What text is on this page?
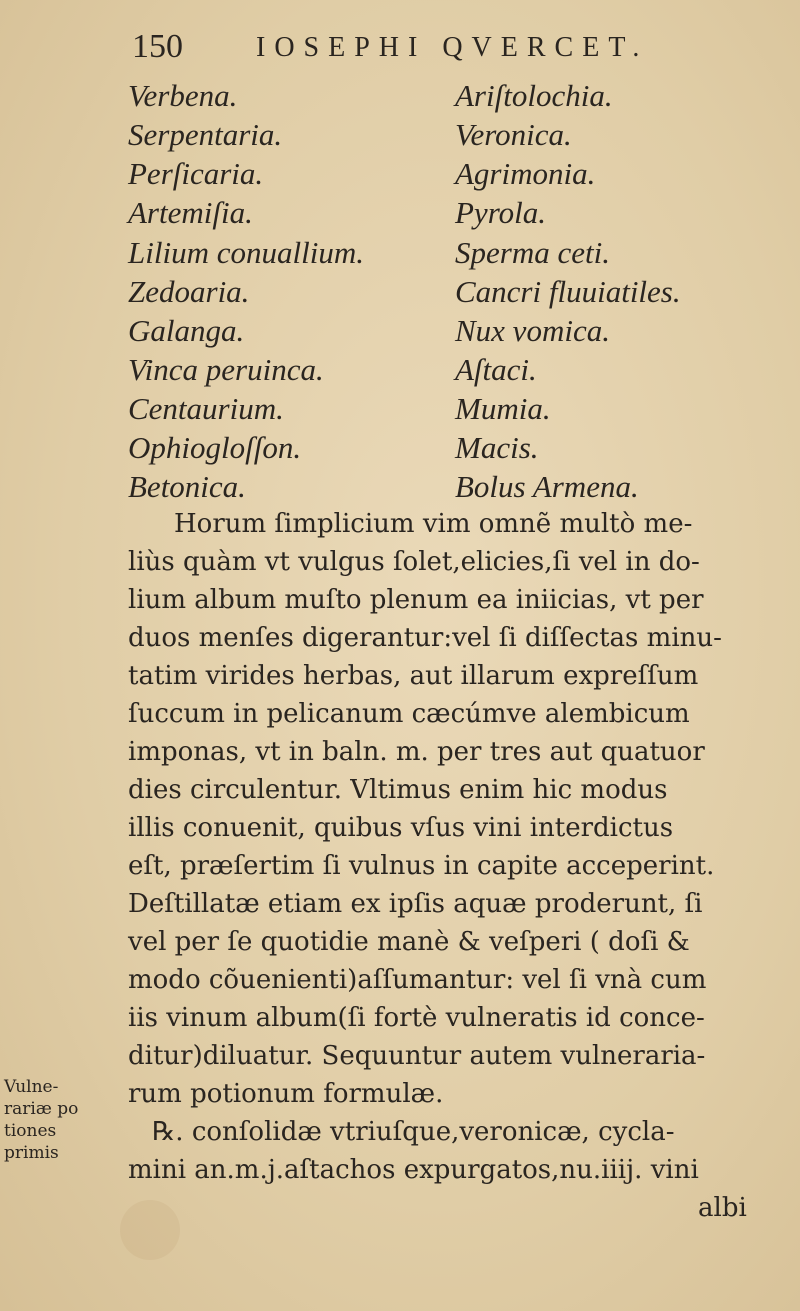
150	IOSEPHI QVERCET.
Verbena.
Serpentaria.
Perſicaria.
Artemiſia.
Lilium conuallium.
Zedoaria.
Galanga.
Vinca peruinca.
Centaurium.
Ophiogloſſon.
Betonica.
Ariſtolochia.
Veronica.
Agrimonia.
Pyrola.
Sperma ceti.
Cancri fluuiatiles.
Nux vomica.
Aſtaci.
Mumia.
Macis.
Bolus Armena.
Horum ſimplicium vim omnẽ multò me-
liùs quàm vt vulgus ſolet,elicies,ſi vel in do-
lium album muſto plenum ea iniicias, vt per
duos menſes digerantur:vel ſi diſſectas minu-
tatim virides herbas, aut illarum expreſſum
ſuccum in pelicanum cæcúmve alembicum
imponas, vt in baln. m. per tres aut quatuor
dies circulentur. Vltimus enim hic modus
illis conuenit, quibus vſus vini interdictus
eſt, præſertim ſi vulnus in capite acceperint.
Deſtillatæ etiam ex ipſis aquæ proderunt, ſi
vel per ſe quotidie manè & veſperi ( doſi &
modo cõuenienti)aſſumantur: vel ſi vnà cum
iis vinum album(ſi fortè vulneratis id conce-
ditur)diluatur. Sequuntur autem vulneraria-
rum potionum formulæ.
℞. conſolidæ vtriuſque,veronicæ, cycla-
mini an.m.j.aſtachos expurgatos,nu.iiij. vini
albi
Vulne-
rariæ po
tiones
primis
